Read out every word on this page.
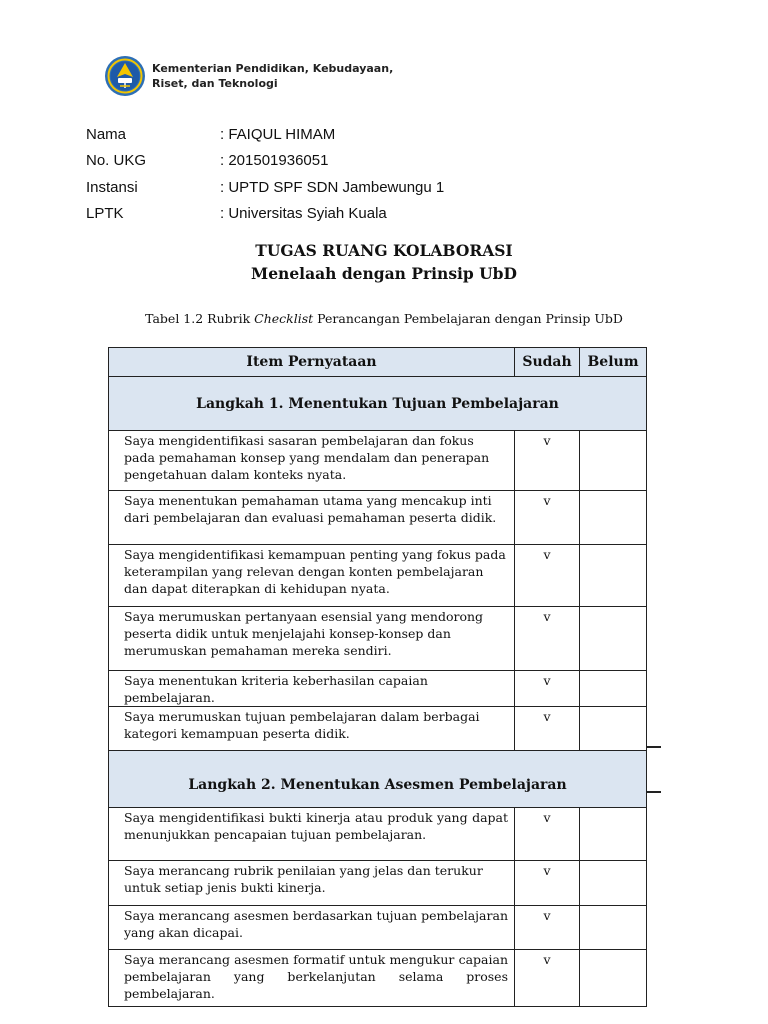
Kementerian Pendidikan, Kebudayaan,
Riset, dan Teknologi
Nama	: FAIQUL HIMAM
No. UKG	: 201501936051
Instansi	: UPTD SPF SDN Jambewungu 1
LPTK	: Universitas Syiah Kuala
TUGAS RUANG KOLABORASI
Menelaah dengan Prinsip UbD
Tabel 1.2 Rubrik Checklist Perancangan Pembelajaran dengan Prinsip UbD
Item Pernyataan	Sudah	Belum
Langkah 1. Menentukan Tujuan Pembelajaran		
Saya mengidentifikasi sasaran pembelajaran dan fokus pada pemahaman konsep yang mendalam dan penerapan pengetahuan dalam konteks nyata.	v	
Saya menentukan pemahaman utama yang mencakup inti dari pembelajaran dan evaluasi pemahaman peserta didik.	v	
Saya mengidentifikasi kemampuan penting yang fokus pada keterampilan yang relevan dengan konten pembelajaran dan dapat diterapkan di kehidupan nyata.	v	
Saya merumuskan pertanyaan esensial yang mendorong peserta didik untuk menjelajahi konsep-konsep dan merumuskan pemahaman mereka sendiri.	v	
Saya menentukan kriteria keberhasilan capaian pembelajaran.	v	
Saya merumuskan tujuan pembelajaran dalam berbagai kategori kemampuan peserta didik.	v	
Langkah 2. Menentukan Asesmen Pembelajaran		
Saya mengidentifikasi bukti kinerja atau produk yang dapat menunjukkan pencapaian tujuan pembelajaran.	v	
Saya merancang rubrik penilaian yang jelas dan terukur untuk setiap jenis bukti kinerja.	v	
Saya merancang asesmen berdasarkan tujuan pembelajaran yang akan dicapai.	v	
Saya merancang asesmen formatif untuk mengukur capaian pembelajaran yang berkelanjutan selama proses pembelajaran.	v	
